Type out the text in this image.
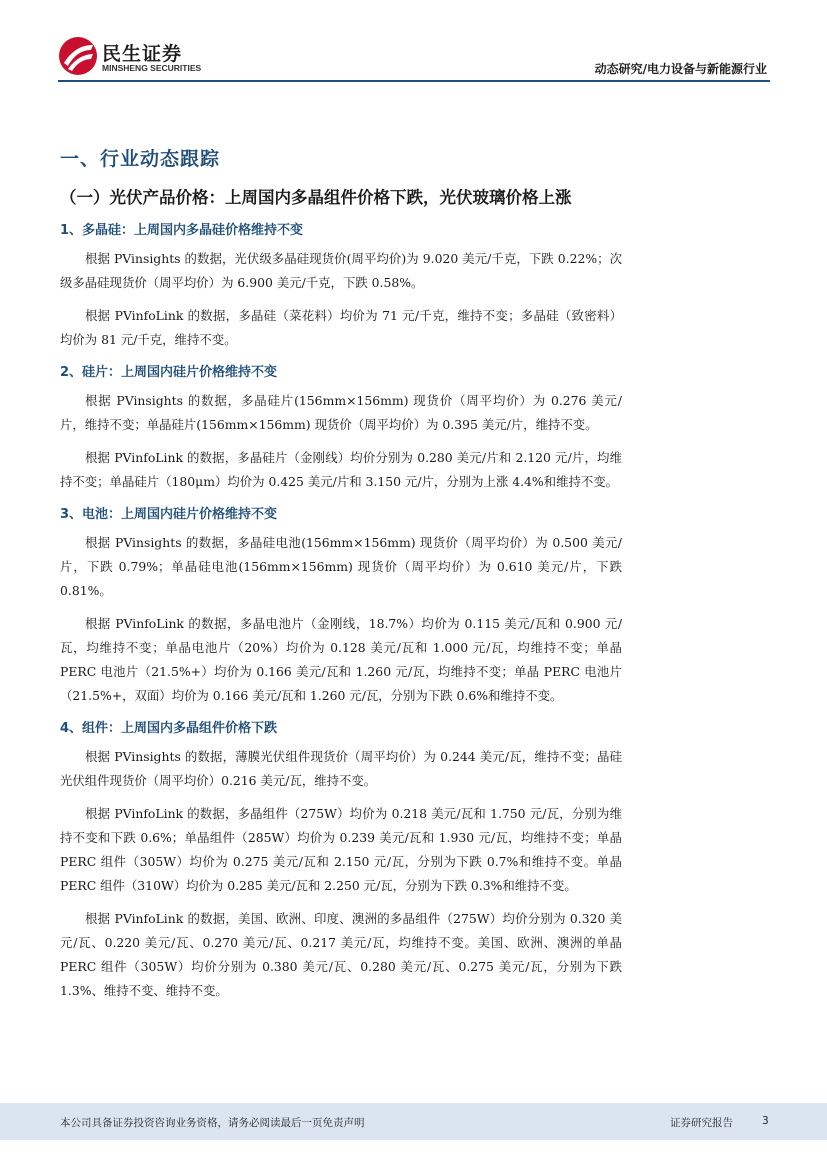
民生证券
MINSHENG SECURITIES	动态研究/电力设备与新能源行业
一、行业动态跟踪
（一）光伏产品价格：上周国内多晶组件价格下跌，光伏玻璃价格上涨
1、多晶硅：上周国内多晶硅价格维持不变

根据 PVinsights 的数据，光伏级多晶硅现货价(周平均价)为 9.020 美元/千克，下跌 0.22%；次级多晶硅现货价（周平均价）为 6.900 美元/千克，下跌 0.58%。

根据 PVinfoLink 的数据，多晶硅（菜花料）均价为 71 元/千克，维持不变；多晶硅（致密料）均价为 81 元/千克，维持不变。

2、硅片：上周国内硅片价格维持不变

根据 PVinsights 的数据，多晶硅片(156mm×156mm) 现货价（周平均价）为 0.276 美元/片，维持不变；单晶硅片(156mm×156mm) 现货价（周平均价）为 0.395 美元/片，维持不变。

根据 PVinfoLink 的数据，多晶硅片（金刚线）均价分别为 0.280 美元/片和 2.120 元/片，均维持不变；单晶硅片（180μm）均价为 0.425 美元/片和 3.150 元/片，分别为上涨 4.4%和维持不变。

3、电池：上周国内硅片价格维持不变

根据 PVinsights 的数据，多晶硅电池(156mm×156mm) 现货价（周平均价）为 0.500 美元/片，下跌 0.79%；单晶硅电池(156mm×156mm) 现货价（周平均价）为 0.610 美元/片，下跌 0.81%。

根据 PVinfoLink 的数据，多晶电池片（金刚线，18.7%）均价为 0.115 美元/瓦和 0.900 元/瓦，均维持不变；单晶电池片（20%）均价为 0.128 美元/瓦和 1.000 元/瓦，均维持不变；单晶 PERC 电池片（21.5%+）均价为 0.166 美元/瓦和 1.260 元/瓦，均维持不变；单晶 PERC 电池片（21.5%+，双面）均价为 0.166 美元/瓦和 1.260 元/瓦，分别为下跌 0.6%和维持不变。

4、组件：上周国内多晶组件价格下跌

根据 PVinsights 的数据，薄膜光伏组件现货价（周平均价）为 0.244 美元/瓦，维持不变；晶硅光伏组件现货价（周平均价）0.216 美元/瓦，维持不变。

根据 PVinfoLink 的数据，多晶组件（275W）均价为 0.218 美元/瓦和 1.750 元/瓦，分别为维持不变和下跌 0.6%；单晶组件（285W）均价为 0.239 美元/瓦和 1.930 元/瓦，均维持不变；单晶 PERC 组件（305W）均价为 0.275 美元/瓦和 2.150 元/瓦，分别为下跌 0.7%和维持不变。单晶 PERC 组件（310W）均价为 0.285 美元/瓦和 2.250 元/瓦，分别为下跌 0.3%和维持不变。

根据 PVinfoLink 的数据，美国、欧洲、印度、澳洲的多晶组件（275W）均价分别为 0.320 美元/瓦、0.220 美元/瓦、0.270 美元/瓦、0.217 美元/瓦，均维持不变。美国、欧洲、澳洲的单晶 PERC 组件（305W）均价分别为 0.380 美元/瓦、0.280 美元/瓦、0.275 美元/瓦，分别为下跌 1.3%、维持不变、维持不变。

本公司具备证券投资咨询业务资格，请务必阅读最后一页免责声明	证券研究报告	3
